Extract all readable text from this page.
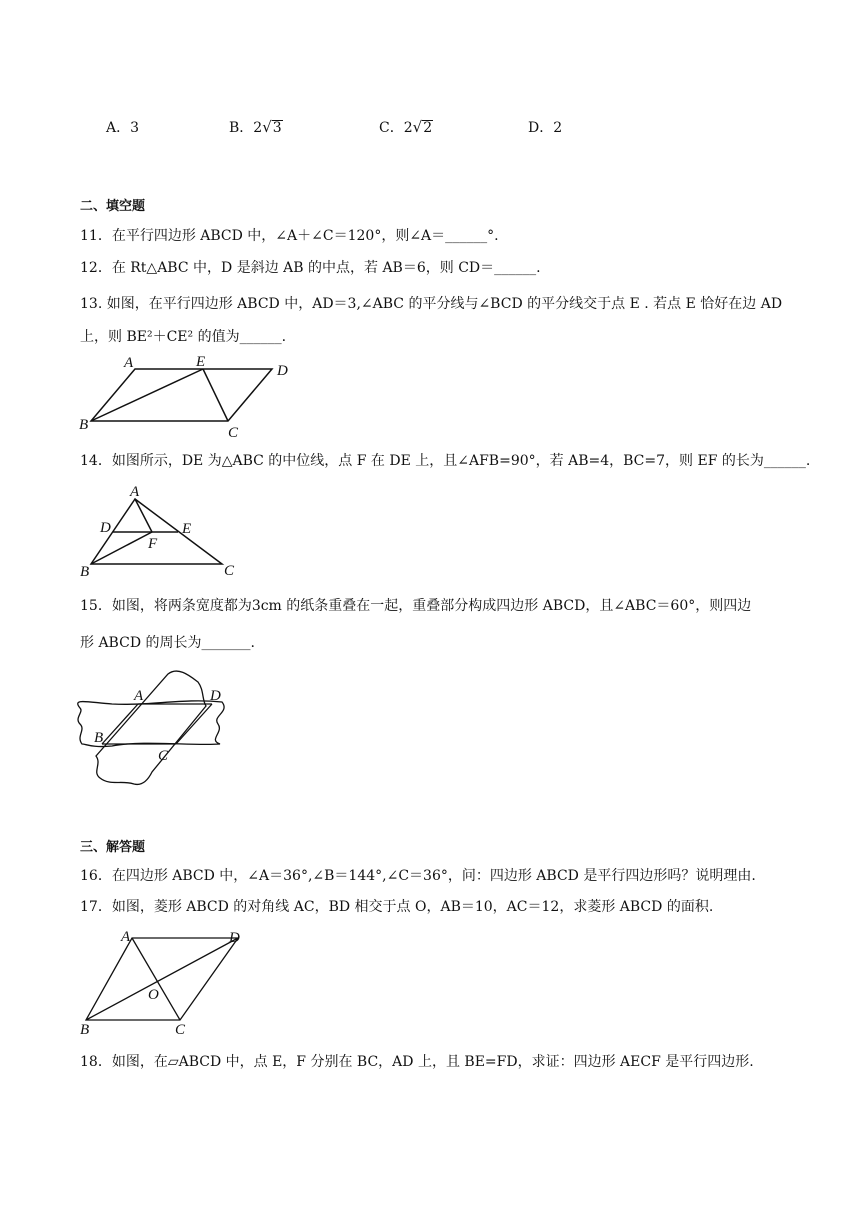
A．3	B．2√3	C．2√2	D．2
二、填空题
11．在平行四边形 ABCD 中，∠A＋∠C＝120°，则∠A＝______°.
12．在 Rt△ABC 中，D 是斜边 AB 的中点，若 AB＝6，则 CD＝______.
13. 如图，在平行四边形 ABCD 中，AD＝3,∠ABC 的平分线与∠BCD 的平分线交于点 E . 若点 E 恰好在边 AD
上，则 BE²＋CE² 的值为______.
A	E
D
B	C
14．如图所示，DE 为△ABC 的中位线，点 F 在 DE 上，且∠AFB=90°，若 AB=4，BC=7，则 EF 的长为______.
A
D	E
F
B	C
15．如图，将两条宽度都为3cm 的纸条重叠在一起，重叠部分构成四边形 ABCD，且∠ABC＝60°，则四边
形 ABCD 的周长为_______.
A	D
B
C
三、解答题
16．在四边形 ABCD 中，∠A＝36°,∠B＝144°,∠C＝36°，问：四边形 ABCD 是平行四边形吗？说明理由.
17．如图，菱形 ABCD 的对角线 AC，BD 相交于点 O，AB＝10，AC＝12，求菱形 ABCD 的面积.
A	D
O
B	C
18．如图，在▱ABCD 中，点 E，F 分别在 BC，AD 上，且 BE=FD，求证：四边形 AECF 是平行四边形.
